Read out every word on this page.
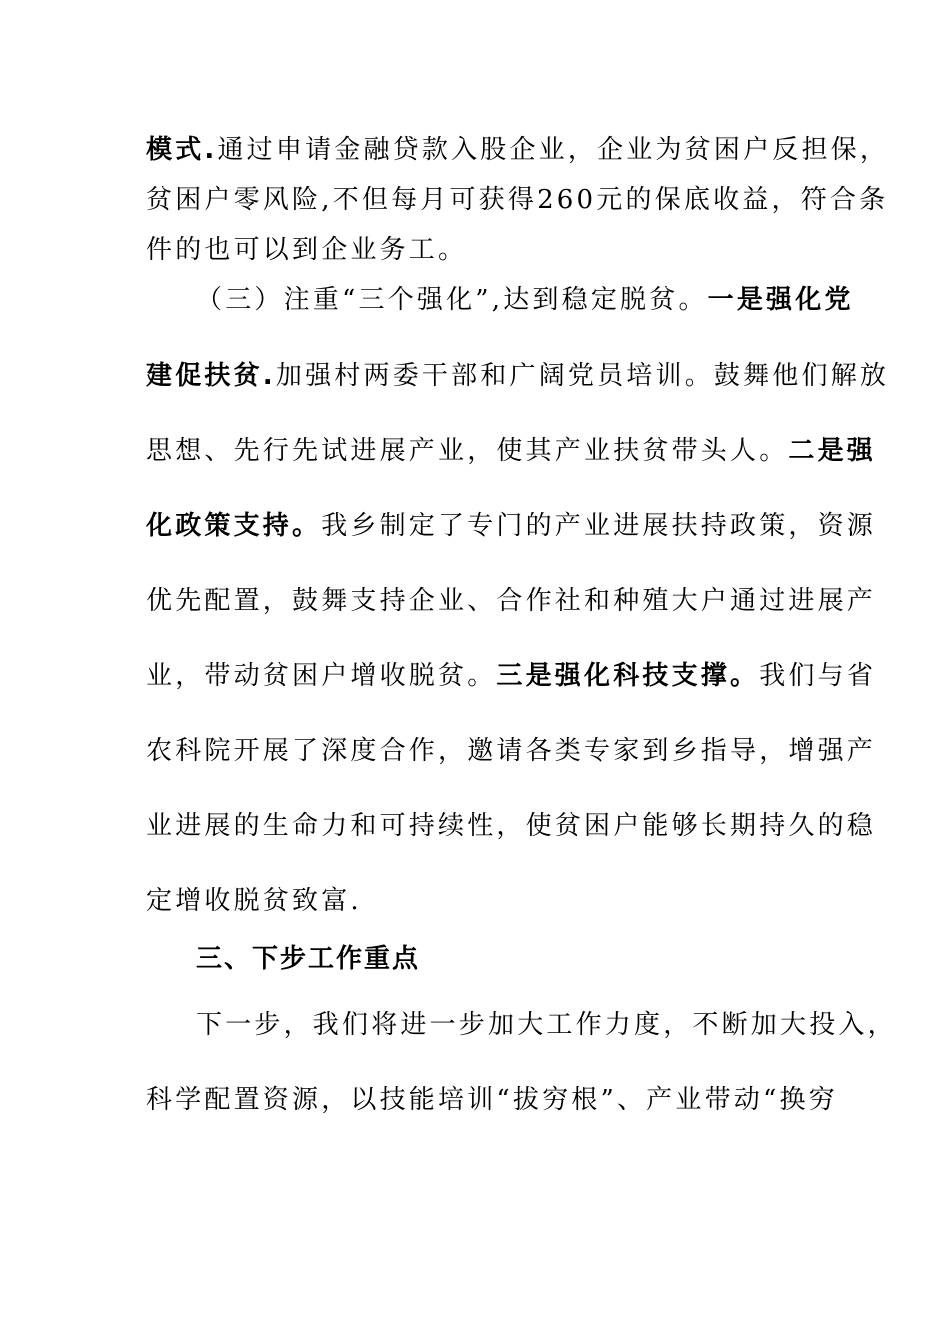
模式.通过申请金融贷款入股企业，企业为贫困户反担保，
贫困户零风险,不但每月可获得260元的保底收益，符合条
件的也可以到企业务工。
（三）注重“三个强化”,达到稳定脱贫。一是强化党
建促扶贫.加强村两委干部和广阔党员培训。鼓舞他们解放
思想、先行先试进展产业，使其产业扶贫带头人。二是强
化政策支持。我乡制定了专门的产业进展扶持政策，资源
优先配置，鼓舞支持企业、合作社和种殖大户通过进展产
业，带动贫困户增收脱贫。三是强化科技支撑。我们与省
农科院开展了深度合作，邀请各类专家到乡指导，增强产
业进展的生命力和可持续性，使贫困户能够长期持久的稳
定增收脱贫致富.
三、下步工作重点
下一步，我们将进一步加大工作力度，不断加大投入，
科学配置资源，以技能培训“拔穷根”、产业带动“换穷
